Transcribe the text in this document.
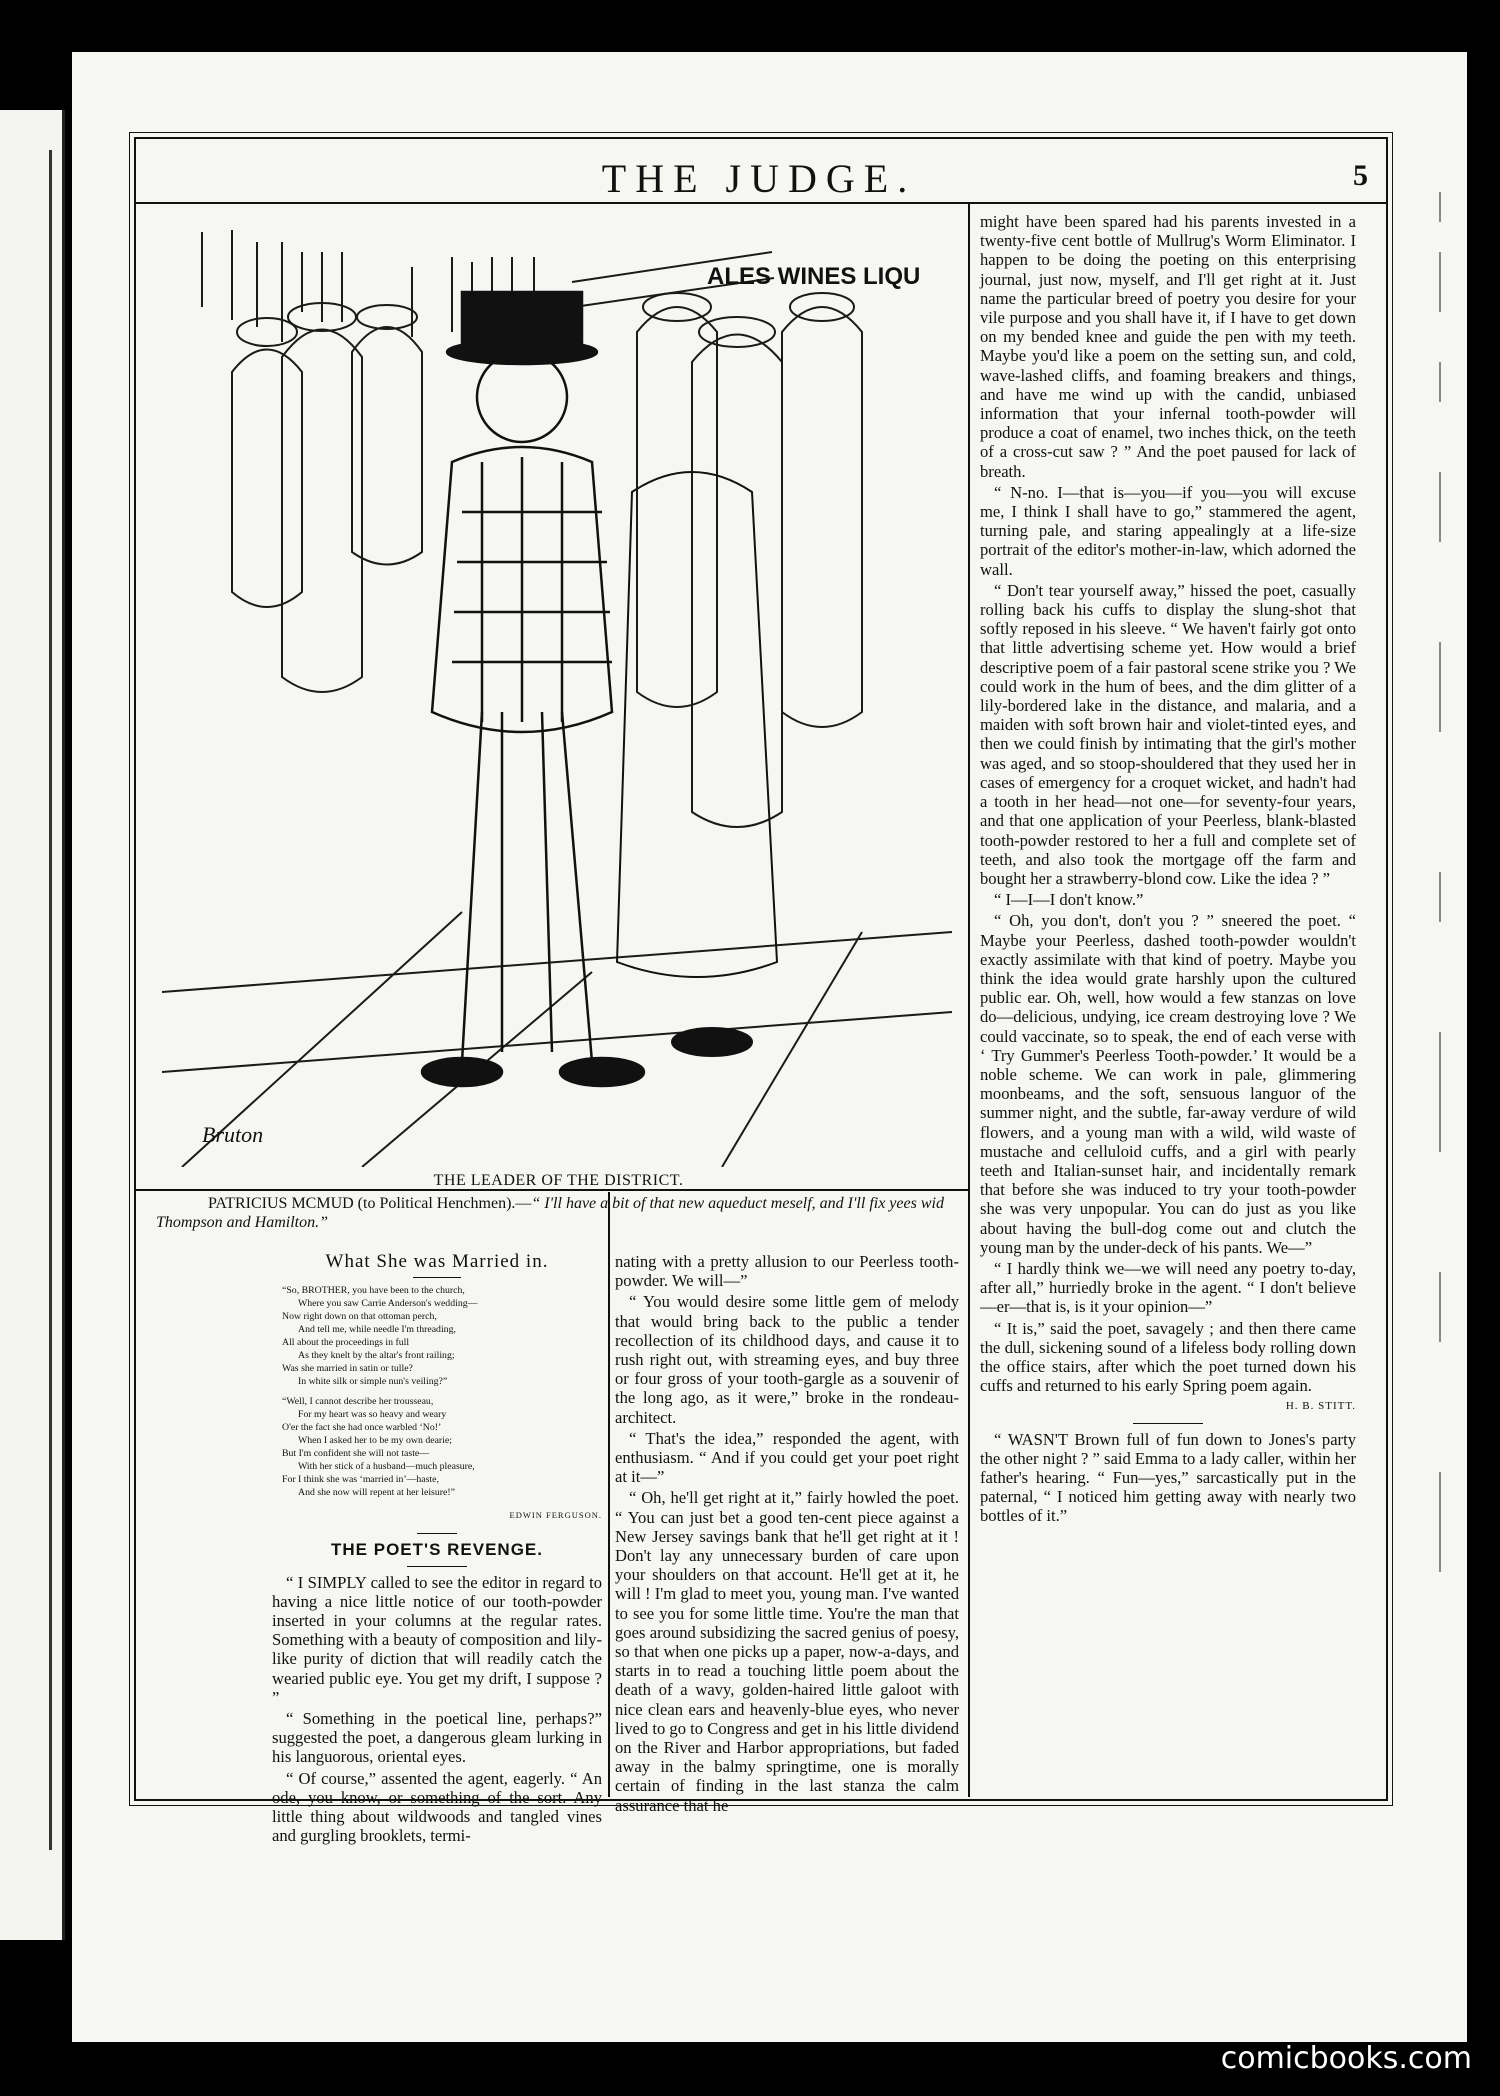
THE JUDGE.	5
ALES WINES LIQU
Bruton
THE LEADER OF THE DISTRICT.
PATRICIUS MCMUD (to Political Henchmen).—“ I'll have a bit of that new aqueduct meself, and I'll fix yees wid Thompson and Hamilton.”

might have been spared had his parents invested in a twenty-five cent bottle of Mullrug's Worm Eliminator. I happen to be doing the poeting on this enterprising journal, just now, myself, and I'll get right at it. Just name the particular breed of poetry you desire for your vile purpose and you shall have it, if I have to get down on my bended knee and guide the pen with my teeth. Maybe you'd like a poem on the setting sun, and cold, wave-lashed cliffs, and foaming breakers and things, and have me wind up with the candid, unbiased information that your infernal tooth-powder will produce a coat of enamel, two inches thick, on the teeth of a cross-cut saw ? ” And the poet paused for lack of breath.

“ N-no. I—that is—you—if you—you will excuse me, I think I shall have to go,” stammered the agent, turning pale, and staring appealingly at a life-size portrait of the editor's mother-in-law, which adorned the wall.

“ Don't tear yourself away,” hissed the poet, casually rolling back his cuffs to display the slung-shot that softly reposed in his sleeve. “ We haven't fairly got onto that little advertising scheme yet. How would a brief descriptive poem of a fair pastoral scene strike you ? We could work in the hum of bees, and the dim glitter of a lily-bordered lake in the distance, and malaria, and a maiden with soft brown hair and violet-tinted eyes, and then we could finish by intimating that the girl's mother was aged, and so stoop-shouldered that they used her in cases of emergency for a croquet wicket, and hadn't had a tooth in her head—not one—for seventy-four years, and that one application of your Peerless, blank-blasted tooth-powder restored to her a full and complete set of teeth, and also took the mortgage off the farm and bought her a strawberry-blond cow. Like the idea ? ”

“ I—I—I don't know.”

“ Oh, you don't, don't you ? ” sneered the poet. “ Maybe your Peerless, dashed tooth-powder wouldn't exactly assimilate with that kind of poetry. Maybe you think the idea would grate harshly upon the cultured public ear. Oh, well, how would a few stanzas on love do—delicious, undying, ice cream destroying love ? We could vaccinate, so to speak, the end of each verse with ‘ Try Gummer's Peerless Tooth-powder.’ It would be a noble scheme. We can work in pale, glimmering moonbeams, and the soft, sensuous languor of the summer night, and the subtle, far-away verdure of wild flowers, and a young man with a wild, wild waste of mustache and celluloid cuffs, and a girl with pearly teeth and Italian-sunset hair, and incidentally remark that before she was induced to try your tooth-powder she was very unpopular. You can do just as you like about having the bull-dog come out and clutch the young man by the under-deck of his pants. We—”

“ I hardly think we—we will need any poetry to-day, after all,” hurriedly broke in the agent. “ I don't believe—er—that is, is it your opinion—”

“ It is,” said the poet, savagely ; and then there came the dull, sickening sound of a lifeless body rolling down the office stairs, after which the poet turned down his cuffs and returned to his early Spring poem again.

H. B. STITT.

“ WASN'T Brown full of fun down to Jones's party the other night ? ” said Emma to a lady caller, within her father's hearing. “ Fun—yes,” sarcastically put in the paternal, “ I noticed him getting away with nearly two bottles of it.”

What She was Married in.
“So, BROTHER, you have been to the church,
Where you saw Carrie Anderson's wedding—
Now right down on that ottoman perch,
And tell me, while needle I'm threading,
All about the proceedings in full
As they knelt by the altar's front railing;
Was she married in satin or tulle?
In white silk or simple nun's veiling?”
“Well, I cannot describe her trousseau,
For my heart was so heavy and weary
O'er the fact she had once warbled ‘No!’
When I asked her to be my own dearie;
But I'm confident she will not taste—
With her stick of a husband—much pleasure,
For I think she was ‘married in’—haste,
And she now will repent at her leisure!”
EDWIN FERGUSON.
THE POET'S REVENGE.

“ I SIMPLY called to see the editor in regard to having a nice little notice of our tooth-powder inserted in your columns at the regular rates. Something with a beauty of composition and lily-like purity of diction that will readily catch the wearied public eye. You get my drift, I suppose ? ”

“ Something in the poetical line, perhaps?” suggested the poet, a dangerous gleam lurking in his languorous, oriental eyes.

“ Of course,” assented the agent, eagerly. “ An ode, you know, or something of the sort. Any little thing about wildwoods and tangled vines and gurgling brooklets, termi-

nating with a pretty allusion to our Peerless tooth-powder. We will—”

“ You would desire some little gem of melody that would bring back to the public a tender recollection of its childhood days, and cause it to rush right out, with streaming eyes, and buy three or four gross of your tooth-gargle as a souvenir of the long ago, as it were,” broke in the rondeau-architect.

“ That's the idea,” responded the agent, with enthusiasm. “ And if you could get your poet right at it—”

“ Oh, he'll get right at it,” fairly howled the poet. “ You can just bet a good ten-cent piece against a New Jersey savings bank that he'll get right at it ! Don't lay any unnecessary burden of care upon your shoulders on that account. He'll get at it, he will ! I'm glad to meet you, young man. I've wanted to see you for some little time. You're the man that goes around subsidizing the sacred genius of poesy, so that when one picks up a paper, now-a-days, and starts in to read a touching little poem about the death of a wavy, golden-haired little galoot with nice clean ears and heavenly-blue eyes, who never lived to go to Congress and get in his little dividend on the River and Harbor appropriations, but faded away in the balmy springtime, one is morally certain of finding in the last stanza the calm assurance that he

comicbooks.com
